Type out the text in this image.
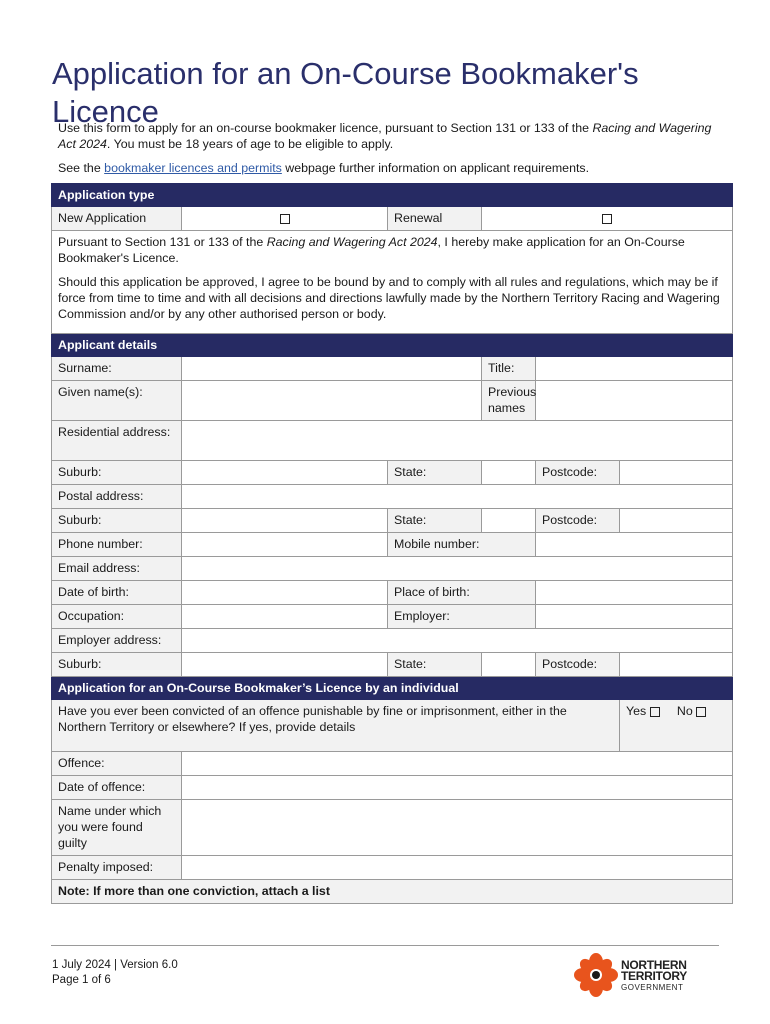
Application for an On-Course Bookmaker's Licence

Use this form to apply for an on-course bookmaker licence, pursuant to Section 131 or 133 of the Racing and Wagering Act 2024. You must be 18 years of age to be eligible to apply.

See the bookmaker licences and permits webpage further information on applicant requirements.

Application type					
New Application		Renewal			

Pursuant to Section 131 or 133 of the Racing and Wagering Act 2024, I hereby make application for an On-Course Bookmaker's Licence.

Should this application be approved, I agree to be bound by and to comply with all rules and regulations, which may be if force from time to time and with all decisions and directions lawfully made by the Northern Territory Racing and Wagering Commission and/or by any other authorised person or body.					

Applicant details					
Surname:			Title:		
Given name(s):			Previous names		
Residential address:					
Suburb:		State:		Postcode:	
Postal address:					
Suburb:		State:		Postcode:	
Phone number:		Mobile number:			
Email address:					
Date of birth:		Place of birth:			
Occupation:		Employer:			
Employer address:					
Suburb:		State:		Postcode:	
Application for an On-Course Bookmaker’s Licence by an individual					
Have you ever been convicted of an offence punishable by fine or imprisonment, either in the Northern Territory or elsewhere? If yes, provide details					Yes No
Offence:					
Date of offence:					
Name under which you were found guilty					
Penalty imposed:					
Note: If more than one conviction, attach a list					
1 July 2024 | Version 6.0
Page 1 of 6
NORTHERN
TERRITORY
GOVERNMENT
